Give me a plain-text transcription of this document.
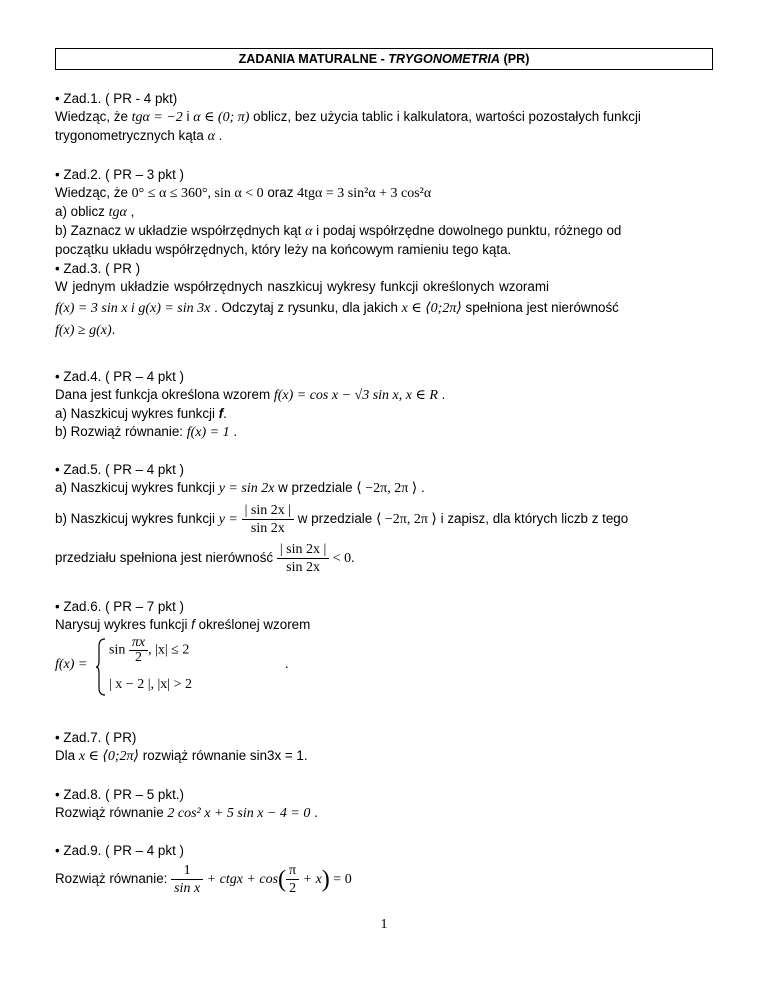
ZADANIA MATURALNE - TRYGONOMETRIA (PR)
• Zad.1. ( PR - 4 pkt)
Wiedząc, że tgα = −2 i α ∈ (0; π) oblicz, bez użycia tablic i kalkulatora, wartości pozostałych funkcji
trygonometrycznych kąta α .
• Zad.2. ( PR – 3 pkt )
Wiedząc, że 0° ≤ α ≤ 360°, sin α < 0 oraz 4tgα = 3 sin²α + 3 cos²α
a) oblicz tgα ,
b) Zaznacz w układzie współrzędnych kąt α i podaj współrzędne dowolnego punktu, różnego od
początku układu współrzędnych, który leży na końcowym ramieniu tego kąta.
• Zad.3. ( PR )
W jednym układzie współrzędnych naszkicuj wykresy funkcji określonych wzorami
f(x) = 3 sin x i g(x) = sin 3x . Odczytaj z rysunku, dla jakich x ∈ ⟨0;2π⟩ spełniona jest nierówność
f(x) ≥ g(x).
• Zad.4. ( PR – 4 pkt )
Dana jest funkcja określona wzorem f(x) = cos x − √3 sin x, x ∈ R .
a) Naszkicuj wykres funkcji f.
b) Rozwiąż równanie: f(x) = 1 .
• Zad.5. ( PR – 4 pkt )
a) Naszkicuj wykres funkcji y = sin 2x w przedziale ⟨ −2π, 2π ⟩ .
b) Naszkicuj wykres funkcji $y = \frac{| \sin 2x |}{\sin 2x}$ w przedziale ⟨ −2π, 2π ⟩ i zapisz, dla których liczb z tego
przedziału spełniona jest nierówność $\frac{| \sin 2x |}{\sin 2x} < 0$.
• Zad.6. ( PR – 7 pkt )
Narysuj wykres funkcji f określonej wzorem
f(x) =
$\sin \frac{\pi x}{2}$ , |x| ≤ 2
| x − 2 |, |x| > 2
.
• Zad.7. ( PR)
Dla x ∈ ⟨0;2π⟩ rozwiąż równanie sin3x = 1.
• Zad.8. ( PR – 5 pkt.)
Rozwiąż równanie 2 cos² x + 5 sin x − 4 = 0 .
• Zad.9. ( PR – 4 pkt )
Rozwiąż równanie: $\frac{1}{\text{sin x}}$ + ctgx + $\cos( \frac{\pi}{2} + x) = 0$
1
